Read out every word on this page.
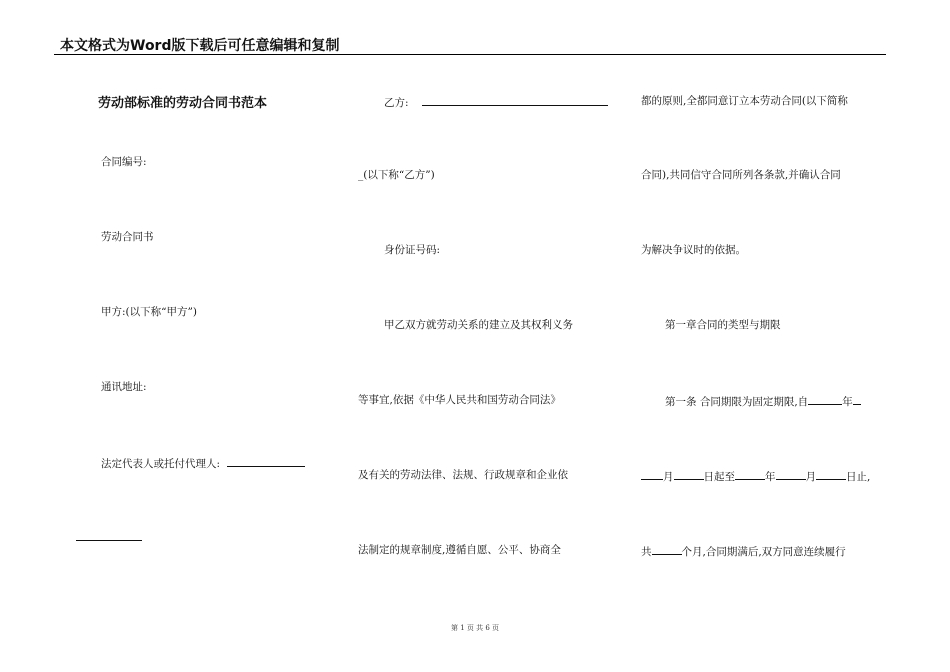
本文格式为Word版下载后可任意编辑和复制
劳动部标准的劳动合同书范本
合同编号:
劳动合同书
甲方:(以下称“甲方”)
通讯地址:
法定代表人或托付代理人:
乙方:
_(以下称“乙方”)
身份证号码:
甲乙双方就劳动关系的建立及其权利义务
等事宜,依据《中华人民共和国劳动合同法》
及有关的劳动法律、法规、行政规章和企业依
法制定的规章制度,遵循自愿、公平、协商全
都的原则,全都同意订立本劳动合同(以下简称
合同),共同信守合同所列各条款,并确认合同
为解决争议时的依据。
第一章合同的类型与期限
第一条 合同期限为固定期限,自	年
月	日起至	年	月	日止,
共	个月,合同期满后,双方同意连续履行
第 1 页 共 6 页
